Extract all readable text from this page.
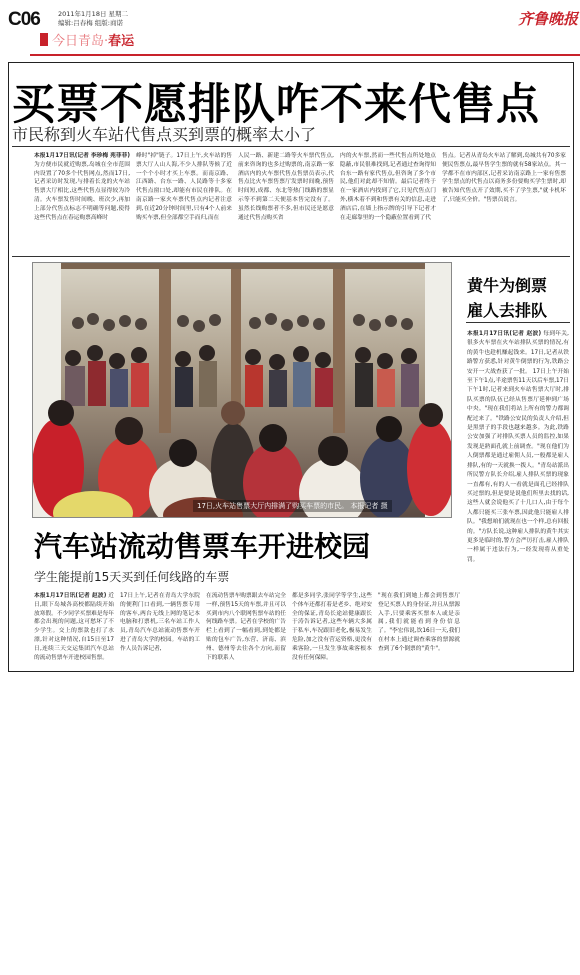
C06	2011年1月18日 星期二
编辑:吕春梅 组版:商诺	齐鲁晚报
今日青岛·春运
买票不愿排队咋不来代售点
市民称到火车站代售点买到票的概率太小了
本报1月17日讯(记者 李珍梅 苑菲菲) 为方便市民就近购票,岛城在全市范围内设置了70多个代售网点,然而17日,记者采访时发现,与排着长龙的火车站售票大厅相比,这些代售点显得较为冷清。火车票发售时间晚、班次少,再加上部分代售点标志不明确等问题,使得这些代售点在春运购票高峰时
峰时"掉"链子。17日上午,火车站的售票大厅人山人海,不少人排队等候了近一个个小时才买上车票。而南京路、江西路、台东一路、人民路等十多家代售点窗口处,却能有市民在排队。在南京路一家火车票代售点内记者注意到,在近20分钟时间里,只有4个人前来购买车票,但全部都空手而归,而在
人民一路、新建二路等火车票代售点,前来咨询的也多过购票的,南京路一家酒店内的火车票代售点售票员表示,代售点比火车票售票厅发票时间晚,预售时间短,成都、东北等热门线路的票显示等不到第二天便基本售完没有了。虽然长线购票者不多,但市民还是愿意通过代售点购买省
内的火车票,然而一些代售点所处地点隐蔽,市民很难找到,记者通过查询得知台东一路有家代售点,但咨询了多个市民,他们对此却不知情。最后记者终于在一家酒店内找到了它,只见代售点门外,横木着不到和售票有关的信息,走进酒店后,在墙上指示牌的引导下记者才在走廊靠里的一个隐蔽位置看到了代
售点。记者从青岛火车站了解到,岛城共有70多家便民售票点,最早售学生票的就有58家站点。其一学都不在市内部区,记者采访南京路上一家有售票学生票点的代售点以商务多份要购买学生票时,却被告知代售点开了效期,买不了学生票,"就卡机坏了,只能买全价。"售票员说言。
17日,火车站售票大厅内排满了购买车票的市民。 本报记者 摄
黄牛为倒票
雇人去排队
本报1月17日讯(记者 赵波) 每到年关,很多火车票在火车站排队买票的情况,有的黄牛也趁机赚起钱来。17日,记者从铁路警方获悉,针对黄牛倒票的行为,铁路公安开一大战查获了一批。 17日上午开始至下午1点,半途票售11天以后车票,17日下午1时,记者来到火车站售票大厅时,排队买票的队伍已经从售票厅延伸到广场中央。"现在我们将站上所有的警力都调配过来了。"铁路公安民的负责人介绍,但是黑票子的手段也越来越多。为此,铁路公安加强了对排队买票人员的监控,如果发现是熟面孔就上前调查。"现在他们为人倒票都是通过雇佣人员,一般都是雇人排队,有的一天就换一拨人。"青岛站派出所民警方队长介绍,雇人排队买票的现象一直都有,有的人一看就是面孔已经排队买过票的,但是要是说他们所里去找的话,这些人就会说他买了十几口人,由于每个人都只能买三张车票,因此他只能雇人排队。"我想咱们就现在也一个样,总有回报的。"方队长说,这种雇人排队的黄牛其实更多是临时的,警方会严厉打击,雇人排队一样属于违法行为,一经发现将从重处罚。
汽车站流动售票车开进校园
学生能提前15天买到任何线路的车票
本报1月17日讯(记者 赵波) 近日,眼下岛城各高校都陆续开始放寒假。不少同学买票难是每年都会出现的问题,这可愁坏了不少学生。交上的票款也打了水漂,针对这种情况,自15日至17日,连续三天交运集团汽车总站的流动售票车开进校园售票。
17日上午,记者在青岛大学东院的便利门口看到,一辆售票专用的客车,两台无线上网的笔记本电脑和打票机,三名车站工作人员,青岛汽车总站流动售票车开进了青岛大学的校园。车站的工作人员告诉记者,
在流动售票车购票跟去车站完全一样,预售15天的车票,并且可以买到市内八个联网售票车站的任何线路车票。记者在学校的广告栏上看到了一幅看到,到处都是贴的包车广告,东营、济南、滨州、德州等去往各个方向,而留下的联系人
都是多同学,张同学等学生,这些个体车还都打着是老乡、绝对安全的保证,青岛长途站健康跟长于涛告诉记者,这些车辆大多属于私车,车况跟旧老化,极易发生危险,加之没有营运资格,更没有乘客险,一旦发生事故乘客根本没有任何保障。
"现在我们到她上都会到售票厅登记买票人的身份证,并且从票源入手,只要乘客买票本人或是亲属,我们就能看到身份信息了。"李宏伟说,饮16日一天,我们在村本上通过调查乘客的票源就查到了6个倒票的"黄牛"。
